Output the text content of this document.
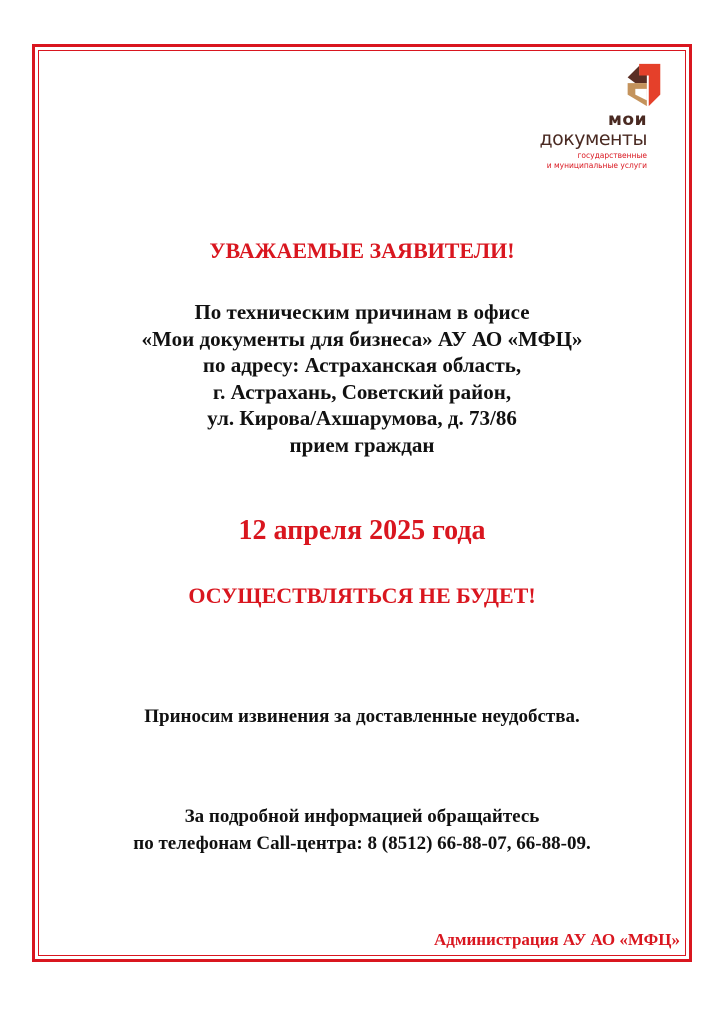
мои
документы
государственные
и муниципальные услуги
УВАЖАЕМЫЕ ЗАЯВИТЕЛИ!
По техническим причинам в офисе
«Мои документы для бизнеса» АУ АО «МФЦ»
по адресу: Астраханская область,
г. Астрахань, Советский район,
ул. Кирова/Ахшарумова, д. 73/86
прием граждан
12 апреля 2025 года
ОСУЩЕСТВЛЯТЬСЯ НЕ БУДЕТ!
Приносим извинения за доставленные неудобства.
За подробной информацией обращайтесь
по телефонам Call-центра: 8 (8512) 66-88-07, 66-88-09.
Администрация АУ АО «МФЦ»
